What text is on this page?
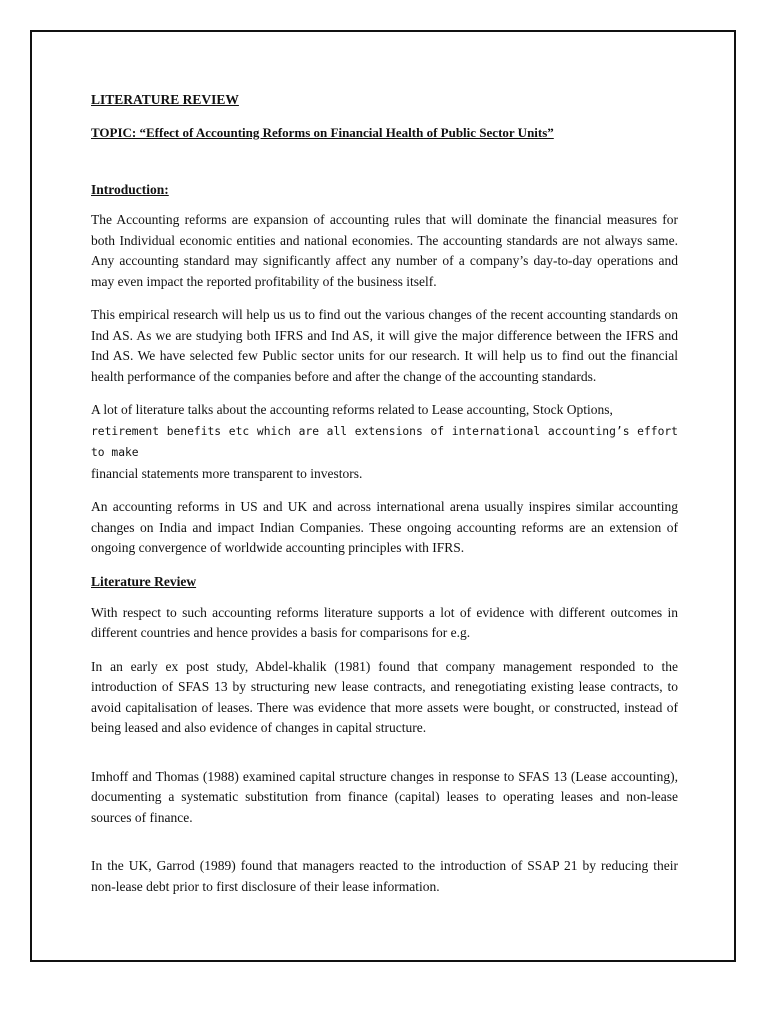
LITERATURE REVIEW
TOPIC: “Effect of Accounting Reforms on Financial Health of Public Sector Units”
Introduction:

The Accounting reforms are expansion of accounting rules that will dominate the financial measures for both Individual economic entities and national economies. The accounting standards are not always same. Any accounting standard may significantly affect any number of a company’s day-to-day operations and may even impact the reported profitability of the business itself.

This empirical research will help us us to find out the various changes of the recent accounting standards on Ind AS. As we are studying both IFRS and Ind AS, it will give the major difference between the IFRS and Ind AS. We have selected few Public sector units for our research. It will help us to find out the financial health performance of the companies before and after the change of the accounting standards.

A lot of literature talks about the accounting reforms related to Lease accounting, Stock Options,
retirement benefits etc which are all extensions of international accounting’s effort to make
financial statements more transparent to investors.

An accounting reforms in US and UK and across international arena usually inspires similar accounting changes on India and impact Indian Companies. These ongoing accounting reforms are an extension of ongoing convergence of worldwide accounting principles with IFRS.

Literature Review

With respect to such accounting reforms literature supports a lot of evidence with different outcomes in different countries and hence provides a basis for comparisons for e.g.

In an early ex post study, Abdel-khalik (1981) found that company management responded to the introduction of SFAS 13 by structuring new lease contracts, and renegotiating existing lease contracts, to avoid capitalisation of leases. There was evidence that more assets were bought, or constructed, instead of being leased and also evidence of changes in capital structure.

Imhoff and Thomas (1988) examined capital structure changes in response to SFAS 13 (Lease accounting), documenting a systematic substitution from finance (capital) leases to operating leases and non-lease sources of finance.

In the UK, Garrod (1989) found that managers reacted to the introduction of SSAP 21 by reducing their non-lease debt prior to first disclosure of their lease information.
